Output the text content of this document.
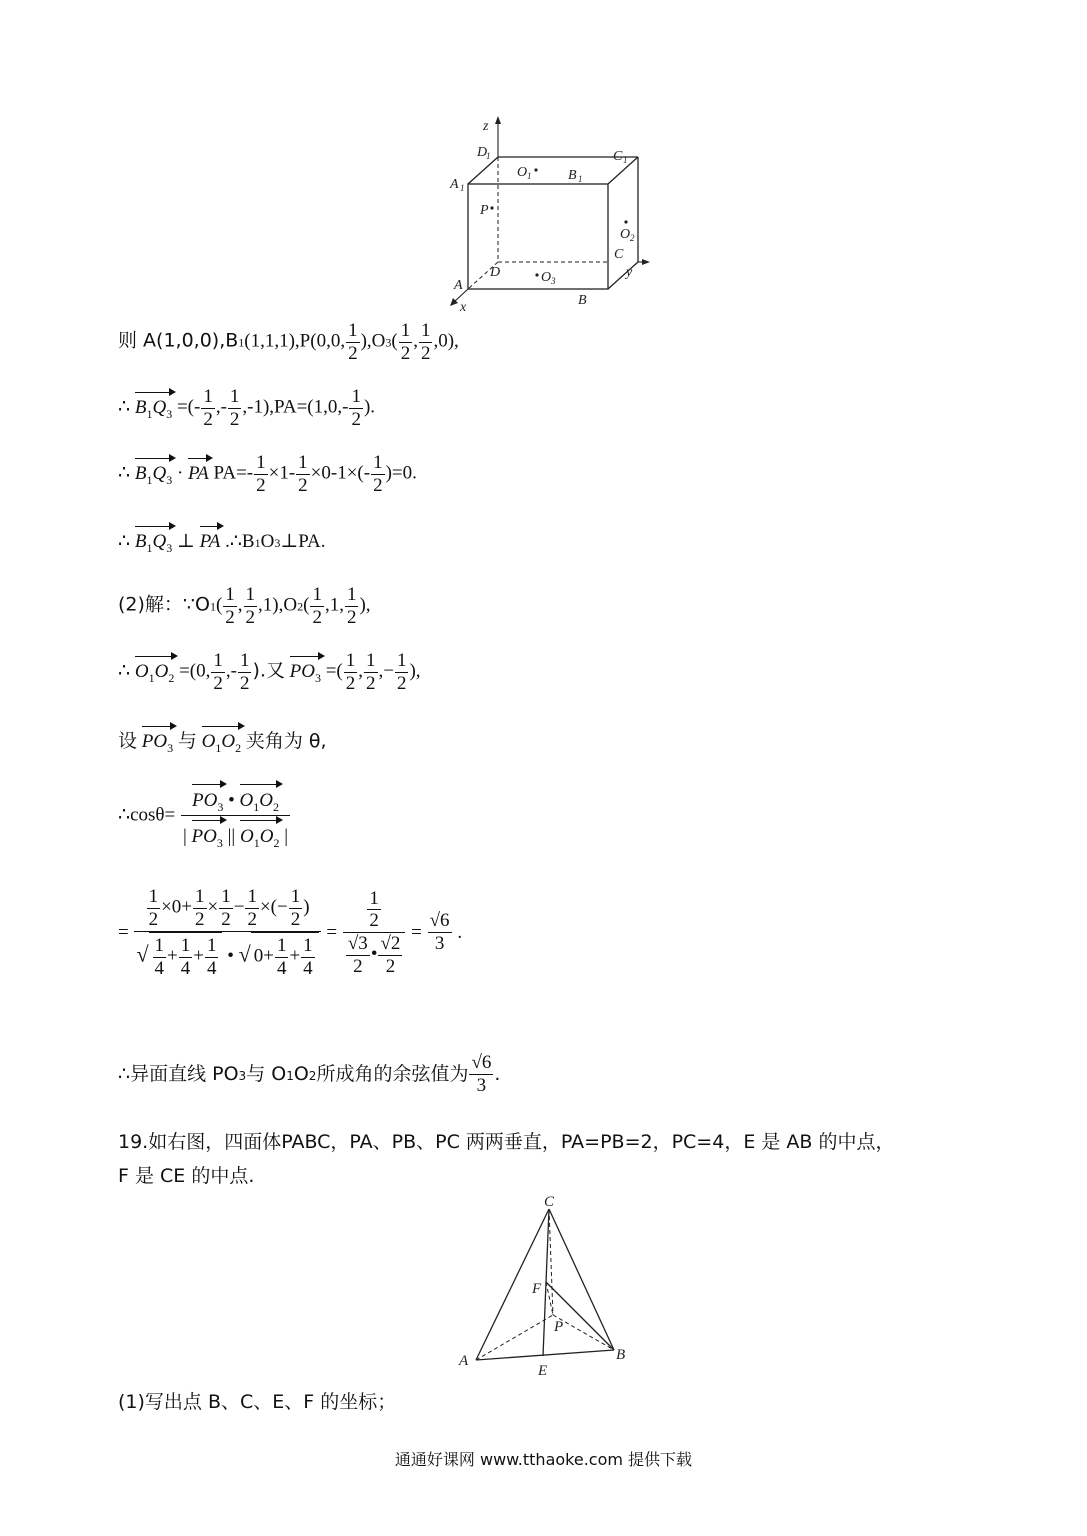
z
D
1	C 1
A 1
O 1	B 1
P
O 2
C
y
A
D	O 3
B
x
则 A(1,0,0),B1(1,1,1),P(0,0, $\frac{1}{2} ),O3( \frac{1}{2}$ , $\frac{1}{2} ,0$),
∴ $B_1Q_3$ =(- $\frac{1}{2}$ ,- $\frac{1}{2} ,-1),PA=(1,0,- \frac{1}{2}$ ).
∴ $B_1Q_3$ · PA $PA=- \frac{1}{2} \times 1- \frac{1}{2} \times 0-1\times(- \frac{1}{2} )=0$.
∴ $B_1Q_3$ ⊥ PA .∴B1O3⊥PA.
(2)解：∵O1( $\frac{1}{2}$ , $\frac{1}{2} ,1),O2( \frac{1}{2} ,1$, $\frac{1}{2}$ ),
∴ $O_1O_2 =(0$, $\frac{1}{2}$ ,- $\frac{1}{2}$ ).又 $PO_3$ =( $\frac{1}{2}$ , $\frac{1}{2}$ ,− $\frac{1}{2}$ ),
设 $PO_3$ 与 $O_1O_2$ 夹角为 θ,
∴cosθ= $\frac{PO_3 • O_1O_2}{| PO_3 || O_1O_2 |}$
= $\frac{\frac{1}{2} \times 0+ \frac{1}{2} \times \frac{1}{2} - \frac{1}{2} \times(- \frac{1}{2} )}{√ \frac{1}{4} + \frac{1}{4} + \frac{1}{4} • √ 0+ \frac{1}{4} + \frac{1}{4}} = \frac{\frac{1}{2}}{\frac{√3}{2} • \frac{√2}{2}} = \frac{√6}{3}$ .
∴异面直线 PO3与 O1O2所成角的余弦值为 $\frac{√6}{3}$ .
19.如右图，四面体PABC，PA、PB、PC 两两垂直，PA=PB=2，PC=4，E 是 AB 的中点，
F 是 CE 的中点.
C
F
P
A
E
B
(1)写出点 B、C、E、F 的坐标；
通通好课网 www.tthaoke.com 提供下载
